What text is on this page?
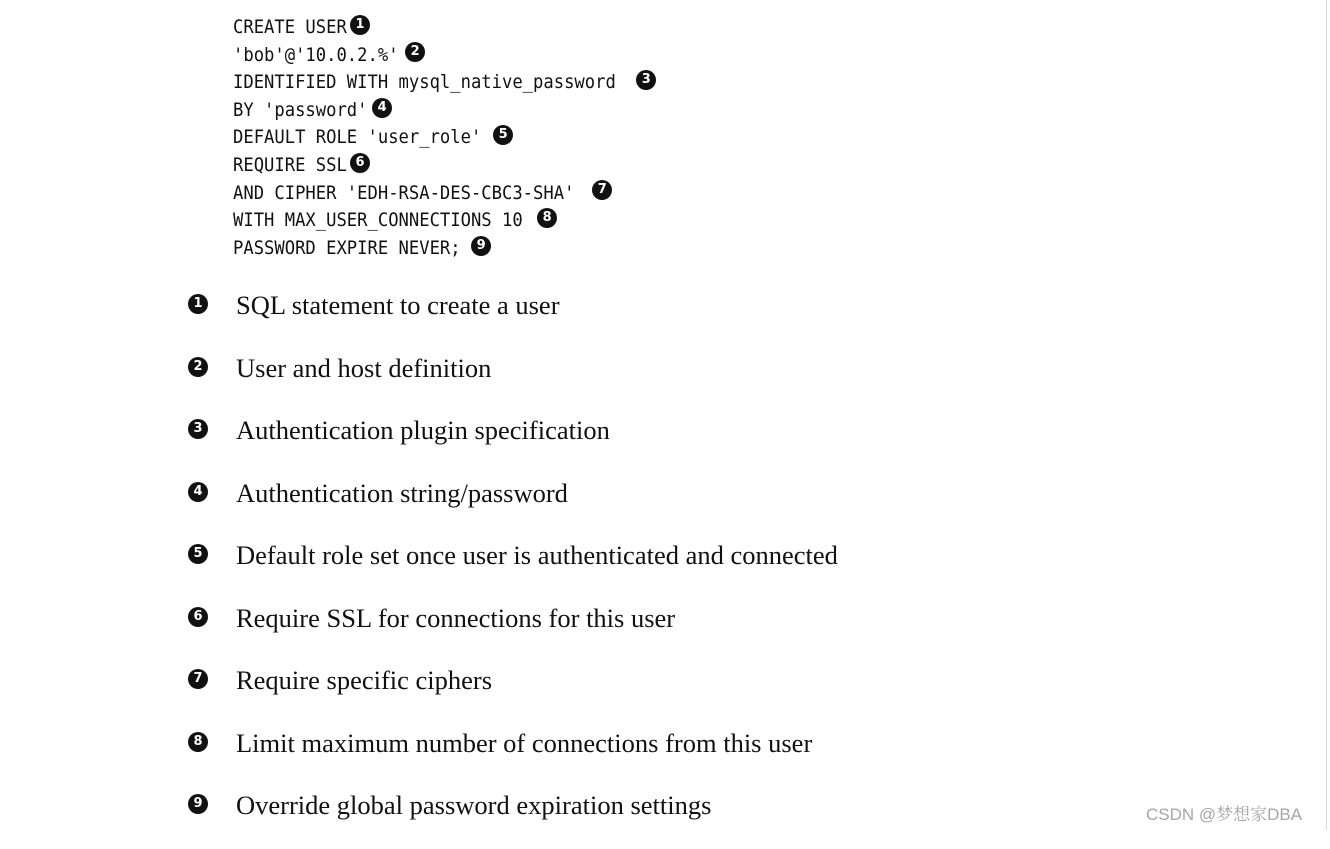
CREATE USER 1
'bob'@'10.0.2.%' 2
IDENTIFIED WITH mysql_native_password	3
BY 'password' 4
DEFAULT ROLE 'user_role'	5
REQUIRE SSL 6
AND CIPHER 'EDH-RSA-DES-CBC3-SHA'	7
WITH MAX_USER_CONNECTIONS 10	8
PASSWORD EXPIRE NEVER;	9
1 SQL statement to create a user
2 User and host definition
3 Authentication plugin specification
4 Authentication string/password
5 Default role set once user is authenticated and connected
6 Require SSL for connections for this user
7 Require specific ciphers
8 Limit maximum number of connections from this user
9 Override global password expiration settings	CSDN @梦想家DBA
